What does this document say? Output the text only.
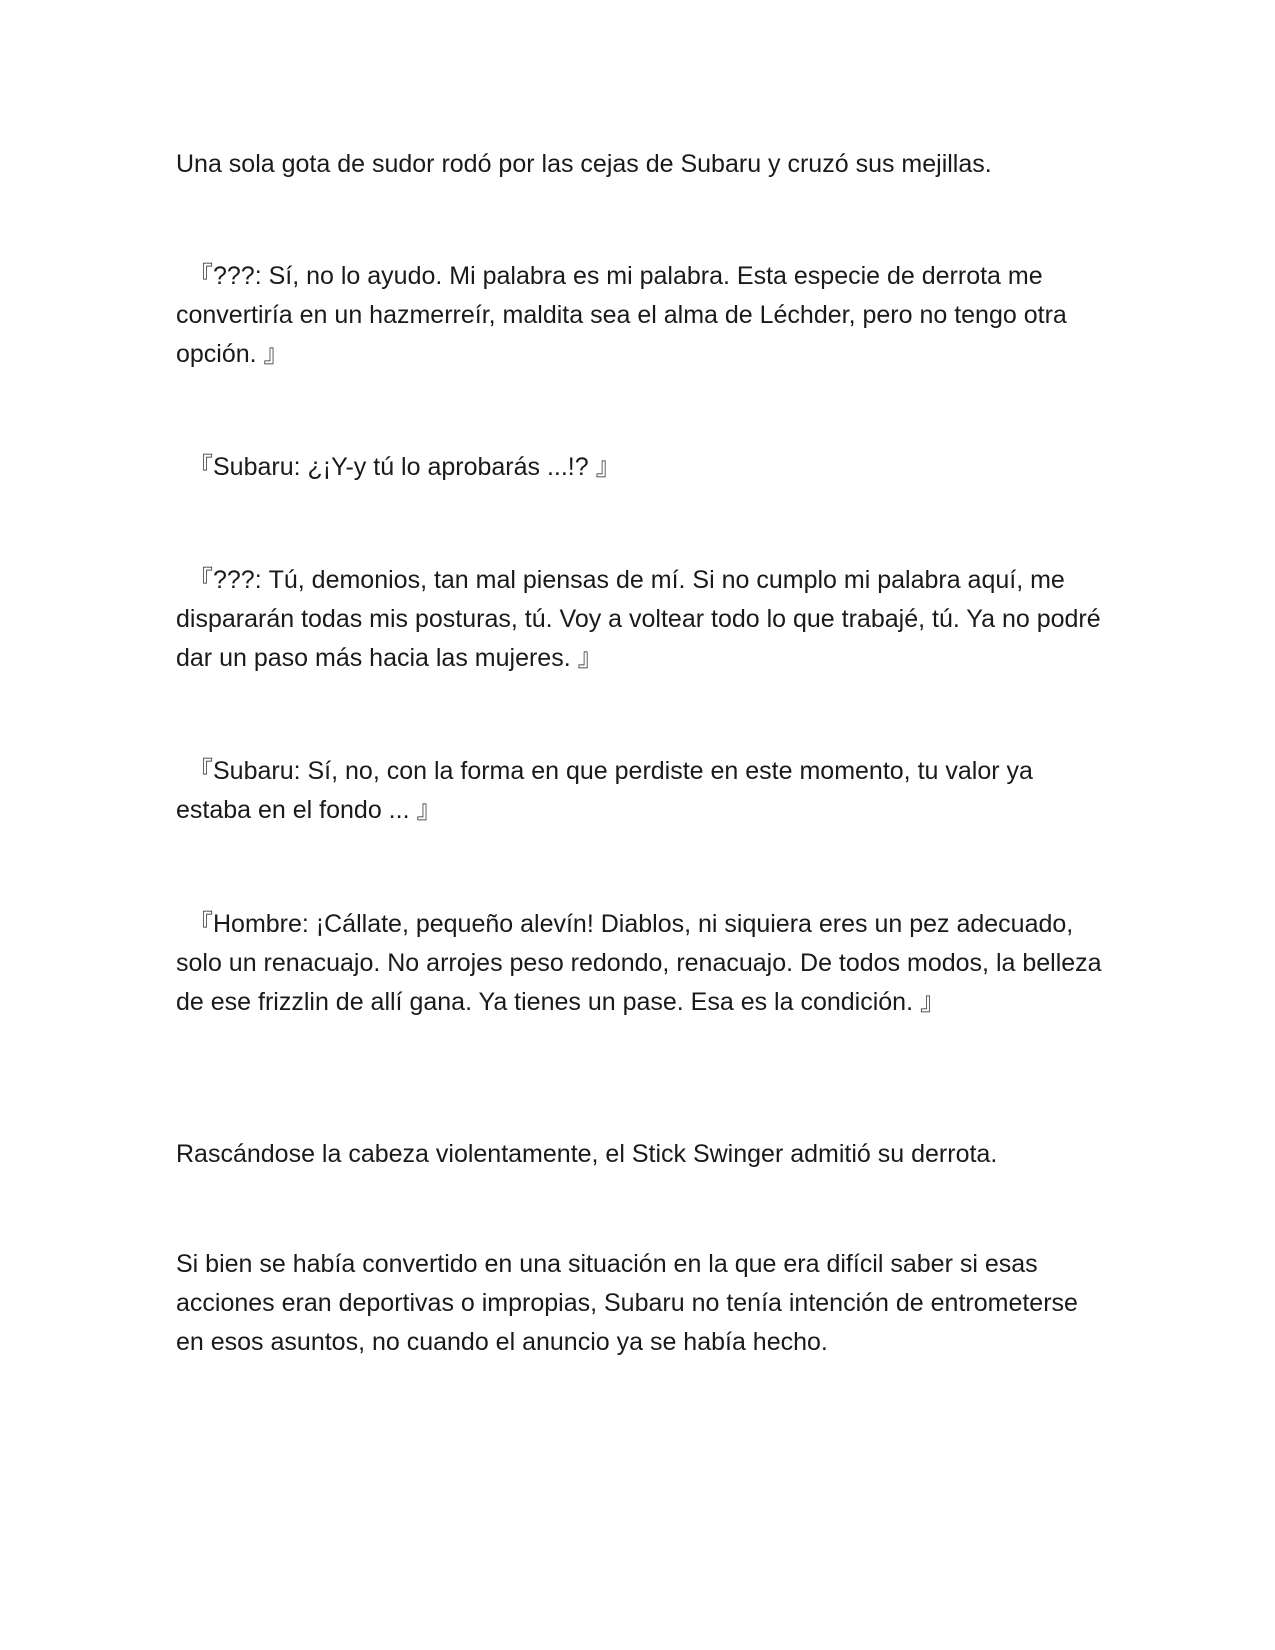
Una sola gota de sudor rodó por las cejas de Subaru y cruzó sus mejillas.

『???: Sí, no lo ayudo. Mi palabra es mi palabra. Esta especie de derrota me convertiría en un hazmerreír, maldita sea el alma de Léchder, pero no tengo otra opción. 』

『Subaru: ¿¡Y-y tú lo aprobarás ...!? 』

『???: Tú, demonios, tan mal piensas de mí. Si no cumplo mi palabra aquí, me dispararán todas mis posturas, tú. Voy a voltear todo lo que trabajé, tú. Ya no podré dar un paso más hacia las mujeres. 』

『Subaru: Sí, no, con la forma en que perdiste en este momento, tu valor ya estaba en el fondo ... 』

『Hombre: ¡Cállate, pequeño alevín! Diablos, ni siquiera eres un pez adecuado, solo un renacuajo. No arrojes peso redondo, renacuajo. De todos modos, la belleza de ese frizzlin de allí gana. Ya tienes un pase. Esa es la condición. 』

Rascándose la cabeza violentamente, el Stick Swinger admitió su derrota.

Si bien se había convertido en una situación en la que era difícil saber si esas acciones eran deportivas o impropias, Subaru no tenía intención de entrometerse en esos asuntos, no cuando el anuncio ya se había hecho.
